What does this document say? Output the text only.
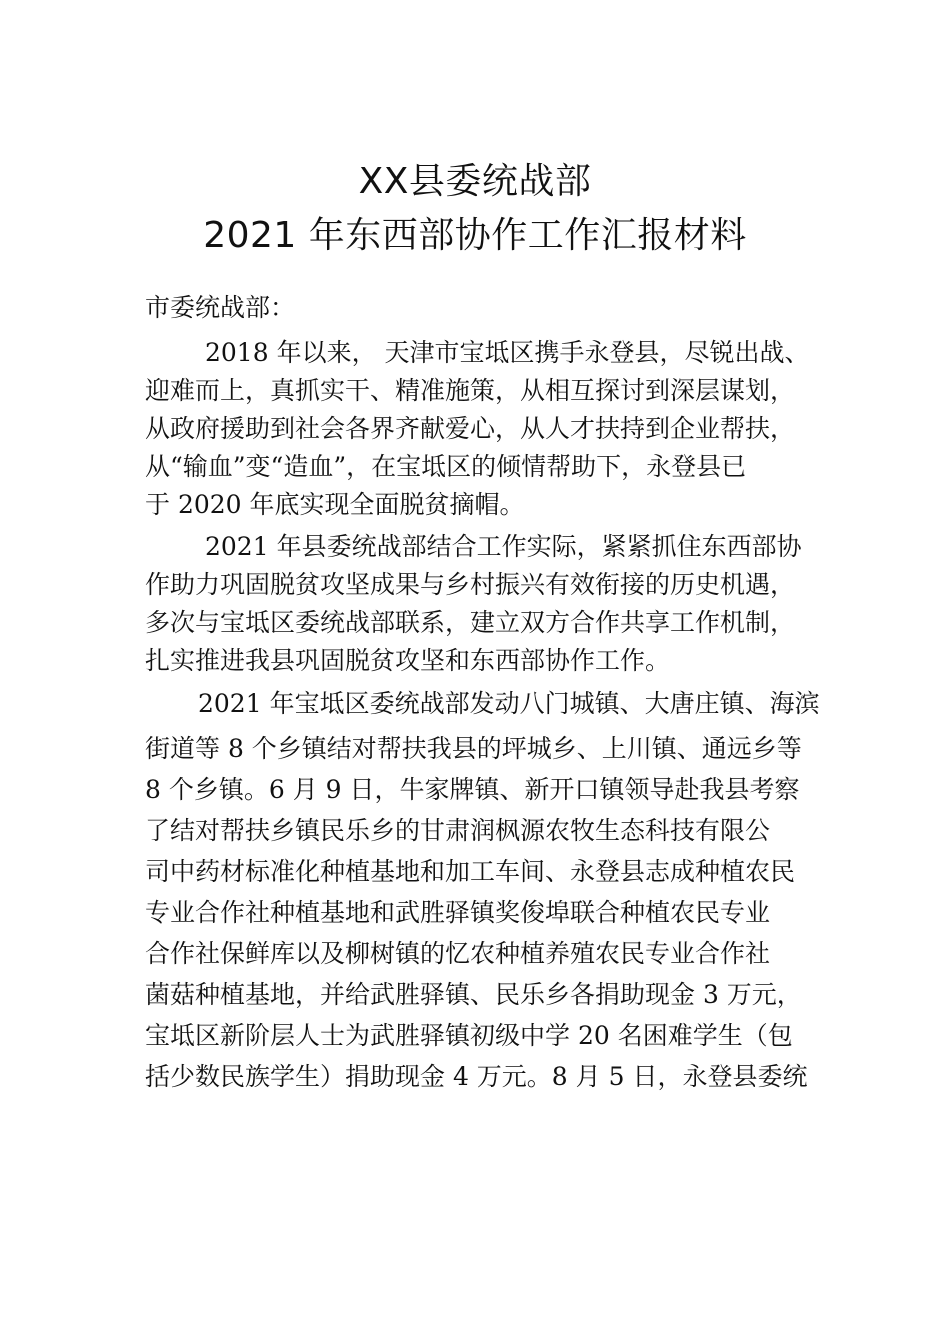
XX县委统战部
2021 年东西部协作工作汇报材料
市委统战部：
2018 年以来， 天津市宝坻区携手永登县，尽锐出战、
迎难而上，真抓实干、精准施策，从相互探讨到深层谋划，
从政府援助到社会各界齐献爱心，从人才扶持到企业帮扶，
从“输血”变“造血”，在宝坻区的倾情帮助下，永登县已
于 2020 年底实现全面脱贫摘帽。
2021 年县委统战部结合工作实际，紧紧抓住东西部协
作助力巩固脱贫攻坚成果与乡村振兴有效衔接的历史机遇，
多次与宝坻区委统战部联系，建立双方合作共享工作机制，
扎实推进我县巩固脱贫攻坚和东西部协作工作。
2021 年宝坻区委统战部发动八门城镇、大唐庄镇、海滨
街道等 8 个乡镇结对帮扶我县的坪城乡、上川镇、通远乡等
8 个乡镇。6 月 9 日，牛家牌镇、新开口镇领导赴我县考察
了结对帮扶乡镇民乐乡的甘肃润枫源农牧生态科技有限公
司中药材标准化种植基地和加工车间、永登县志成种植农民
专业合作社种植基地和武胜驿镇奖俊埠联合种植农民专业
合作社保鲜库以及柳树镇的忆农种植养殖农民专业合作社
菌菇种植基地，并给武胜驿镇、民乐乡各捐助现金 3 万元，
宝坻区新阶层人士为武胜驿镇初级中学 20 名困难学生（包
括少数民族学生）捐助现金 4 万元。8 月 5 日，永登县委统
